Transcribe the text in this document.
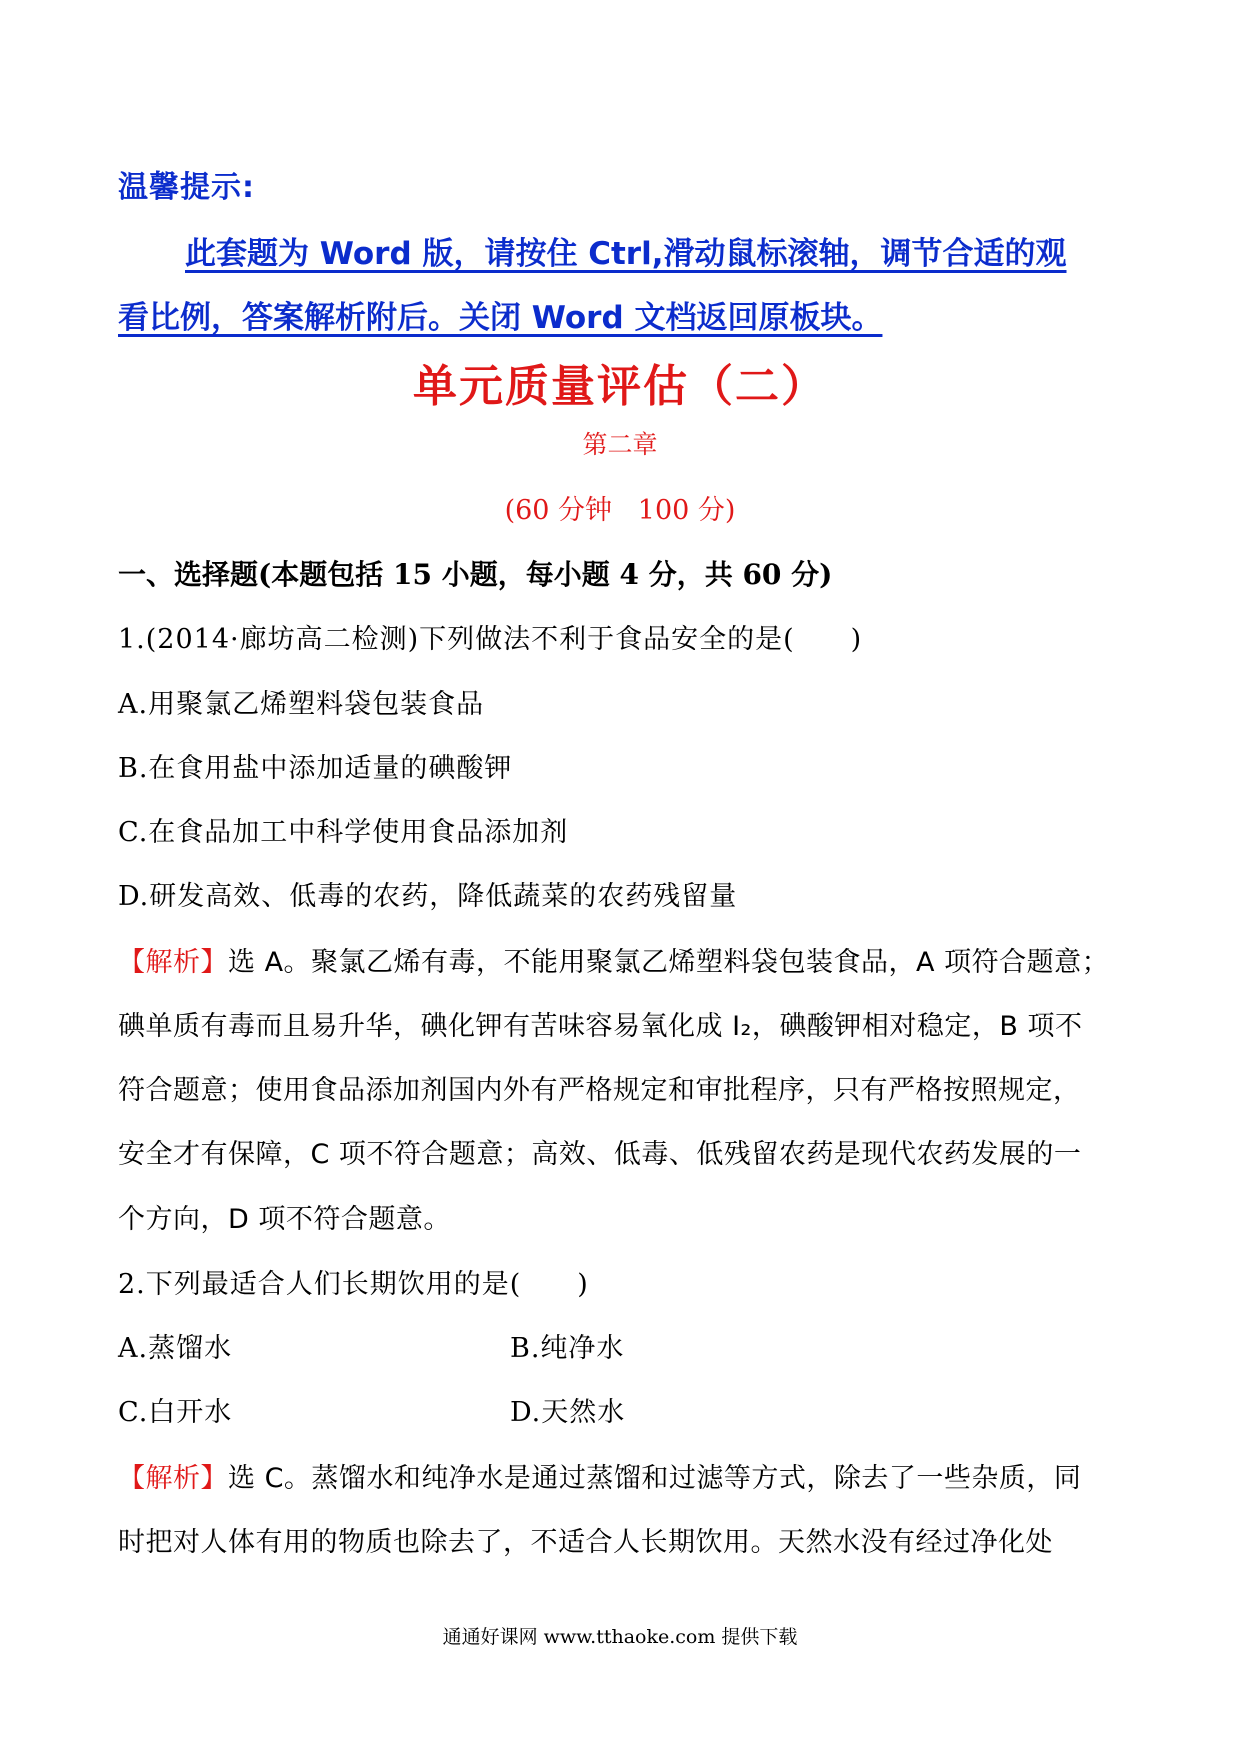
温馨提示:
此套题为 Word 版，请按住 Ctrl,滑动鼠标滚轴，调节合适的观
看比例，答案解析附后。关闭 Word 文档返回原板块。
单元质量评估（二）
第二章
(60 分钟   100 分)
一、选择题(本题包括 15 小题，每小题 4 分，共 60 分)
1.(2014·廊坊高二检测)下列做法不利于食品安全的是(　　)
A.用聚氯乙烯塑料袋包装食品
B.在食用盐中添加适量的碘酸钾
C.在食品加工中科学使用食品添加剂
D.研发高效、低毒的农药，降低蔬菜的农药残留量
【解析】选 A。聚氯乙烯有毒，不能用聚氯乙烯塑料袋包装食品，A 项符合题意；
碘单质有毒而且易升华，碘化钾有苦味容易氧化成 I₂，碘酸钾相对稳定，B 项不
符合题意；使用食品添加剂国内外有严格规定和审批程序，只有严格按照规定，
安全才有保障，C 项不符合题意；高效、低毒、低残留农药是现代农药发展的一
个方向，D 项不符合题意。
2.下列最适合人们长期饮用的是(　　)
A.蒸馏水	B.纯净水
C.白开水	D.天然水
【解析】选 C。蒸馏水和纯净水是通过蒸馏和过滤等方式，除去了一些杂质，同
时把对人体有用的物质也除去了，不适合人长期饮用。天然水没有经过净化处
通通好课网 www.tthaoke.com 提供下载
